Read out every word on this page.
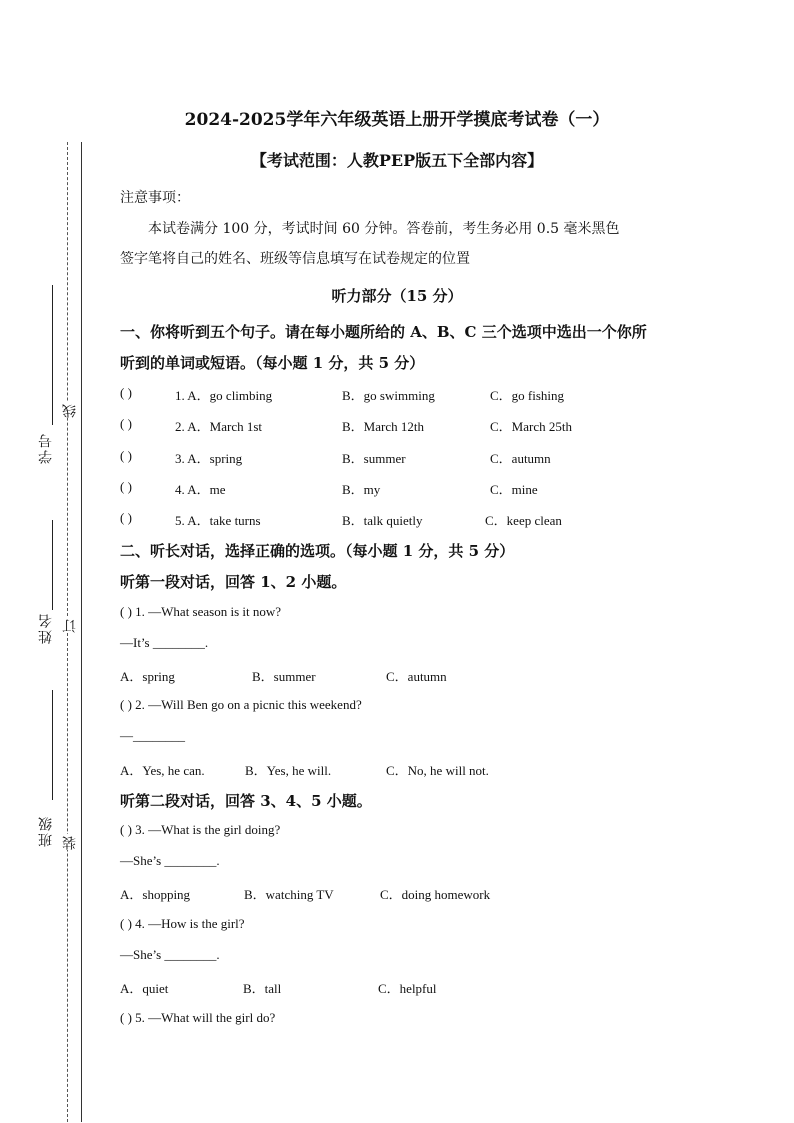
学号
姓名
班级
线
订
装
2024-2025学年六年级英语上册开学摸底考试卷（一）
【考试范围：人教PEP版五下全部内容】
注意事项：
本试卷满分 100 分，考试时间 60 分钟。答卷前，考生务必用 0.5 毫米黑色
签字笔将自己的姓名、班级等信息填写在试卷规定的位置
听力部分（15 分）
一、你将听到五个句子。请在每小题所给的 A、B、C 三个选项中选出一个你所
听到的单词或短语。（每小题 1 分，共 5 分）
( )	1. A．go climbing	B．go swimming	C．go fishing
( )	2. A．March 1st	B．March 12th	C．March 25th
( )	3. A．spring	B．summer	C．autumn
( )	4. A．me	B．my	C．mine
( )	5. A．take turns	B．talk quietly	C．keep clean
二、听长对话，选择正确的选项。（每小题 1 分，共 5 分）
听第一段对话，回答 1、2 小题。
( ) 1. —What season is it now?
—It’s ________.
A．spring	B．summer	C．autumn
( ) 2. —Will Ben go on a picnic this weekend?
—________
A．Yes, he can.	B．Yes, he will.	C．No, he will not.
听第二段对话，回答 3、4、5 小题。
( ) 3. —What is the girl doing?
—She’s ________.
A．shopping	B．watching TV	C．doing homework
( ) 4. —How is the girl?
—She’s ________.
A．quiet	B．tall	C．helpful
( ) 5. —What will the girl do?
